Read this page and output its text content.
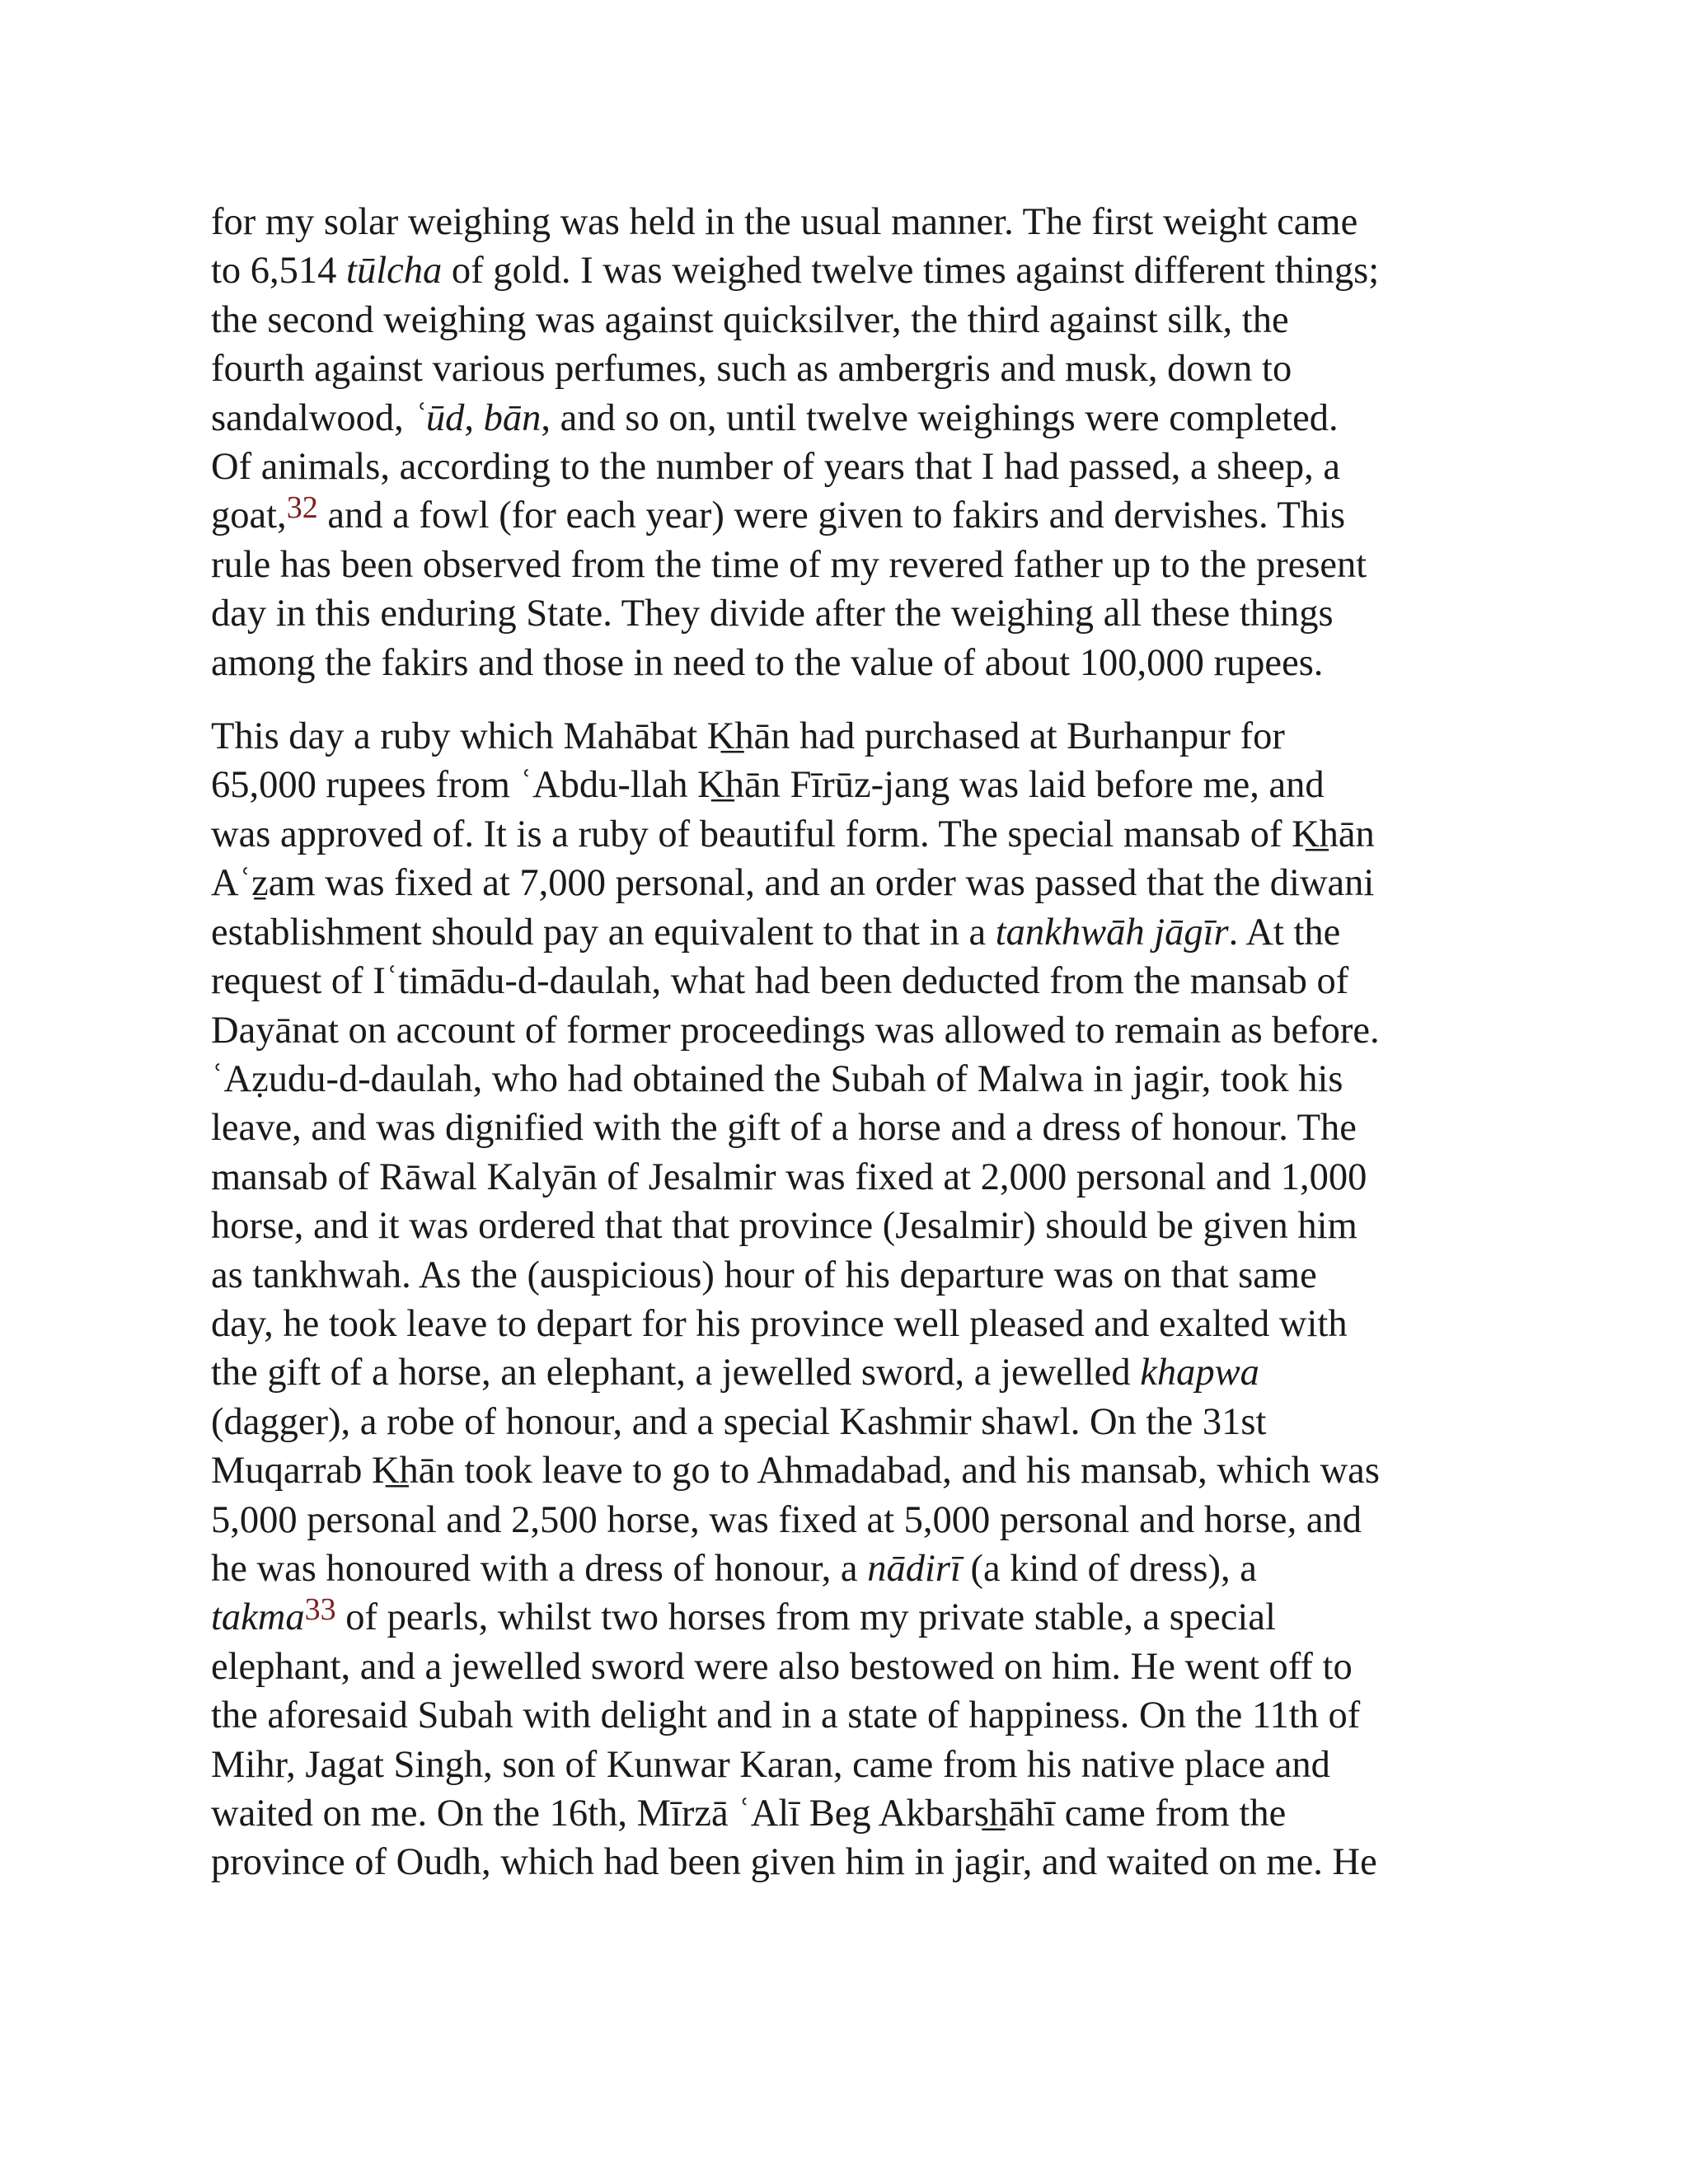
for my solar weighing was held in the usual manner. The first weight came
to 6,514 tūlcha of gold. I was weighed twelve times against different things;
the second weighing was against quicksilver, the third against silk, the
fourth against various perfumes, such as ambergris and musk, down to
sandalwood, ʿūd, bān, and so on, until twelve weighings were completed.
Of animals, according to the number of years that I had passed, a sheep, a
goat,$^{32}$ and a fowl (for each year) were given to fakirs and dervishes. This
rule has been observed from the time of my revered father up to the present
day in this enduring State. They divide after the weighing all these things
among the fakirs and those in need to the value of about 100,000 rupees.

This day a ruby which Mahābat K͟hān had purchased at Burhanpur for
65,000 rupees from ʿAbdu-llah K͟hān Fīrūz-jang was laid before me, and
was approved of. It is a ruby of beautiful form. The special mansab of K͟hān
Aʿẕam was fixed at 7,000 personal, and an order was passed that the diwani
establishment should pay an equivalent to that in a tankhwāh jāgīr. At the
request of Iʿtimādu-d-daulah, what had been deducted from the mansab of
Dayānat on account of former proceedings was allowed to remain as before.
ʿAẓudu-d-daulah, who had obtained the Subah of Malwa in jagir, took his
leave, and was dignified with the gift of a horse and a dress of honour. The
mansab of Rāwal Kalyān of Jesalmir was fixed at 2,000 personal and 1,000
horse, and it was ordered that that province (Jesalmir) should be given him
as tankhwah. As the (auspicious) hour of his departure was on that same
day, he took leave to depart for his province well pleased and exalted with
the gift of a horse, an elephant, a jewelled sword, a jewelled khapwa
(dagger), a robe of honour, and a special Kashmir shawl. On the 31st
Muqarrab K͟hān took leave to go to Ahmadabad, and his mansab, which was
5,000 personal and 2,500 horse, was fixed at 5,000 personal and horse, and
he was honoured with a dress of honour, a nādirī (a kind of dress), a
takma$^{33}$ of pearls, whilst two horses from my private stable, a special
elephant, and a jewelled sword were also bestowed on him. He went off to
the aforesaid Subah with delight and in a state of happiness. On the 11th of
Mihr, Jagat Singh, son of Kunwar Karan, came from his native place and
waited on me. On the 16th, Mīrzā ʿAlī Beg Akbars͟hāhī came from the
province of Oudh, which had been given him in jagir, and waited on me. He
